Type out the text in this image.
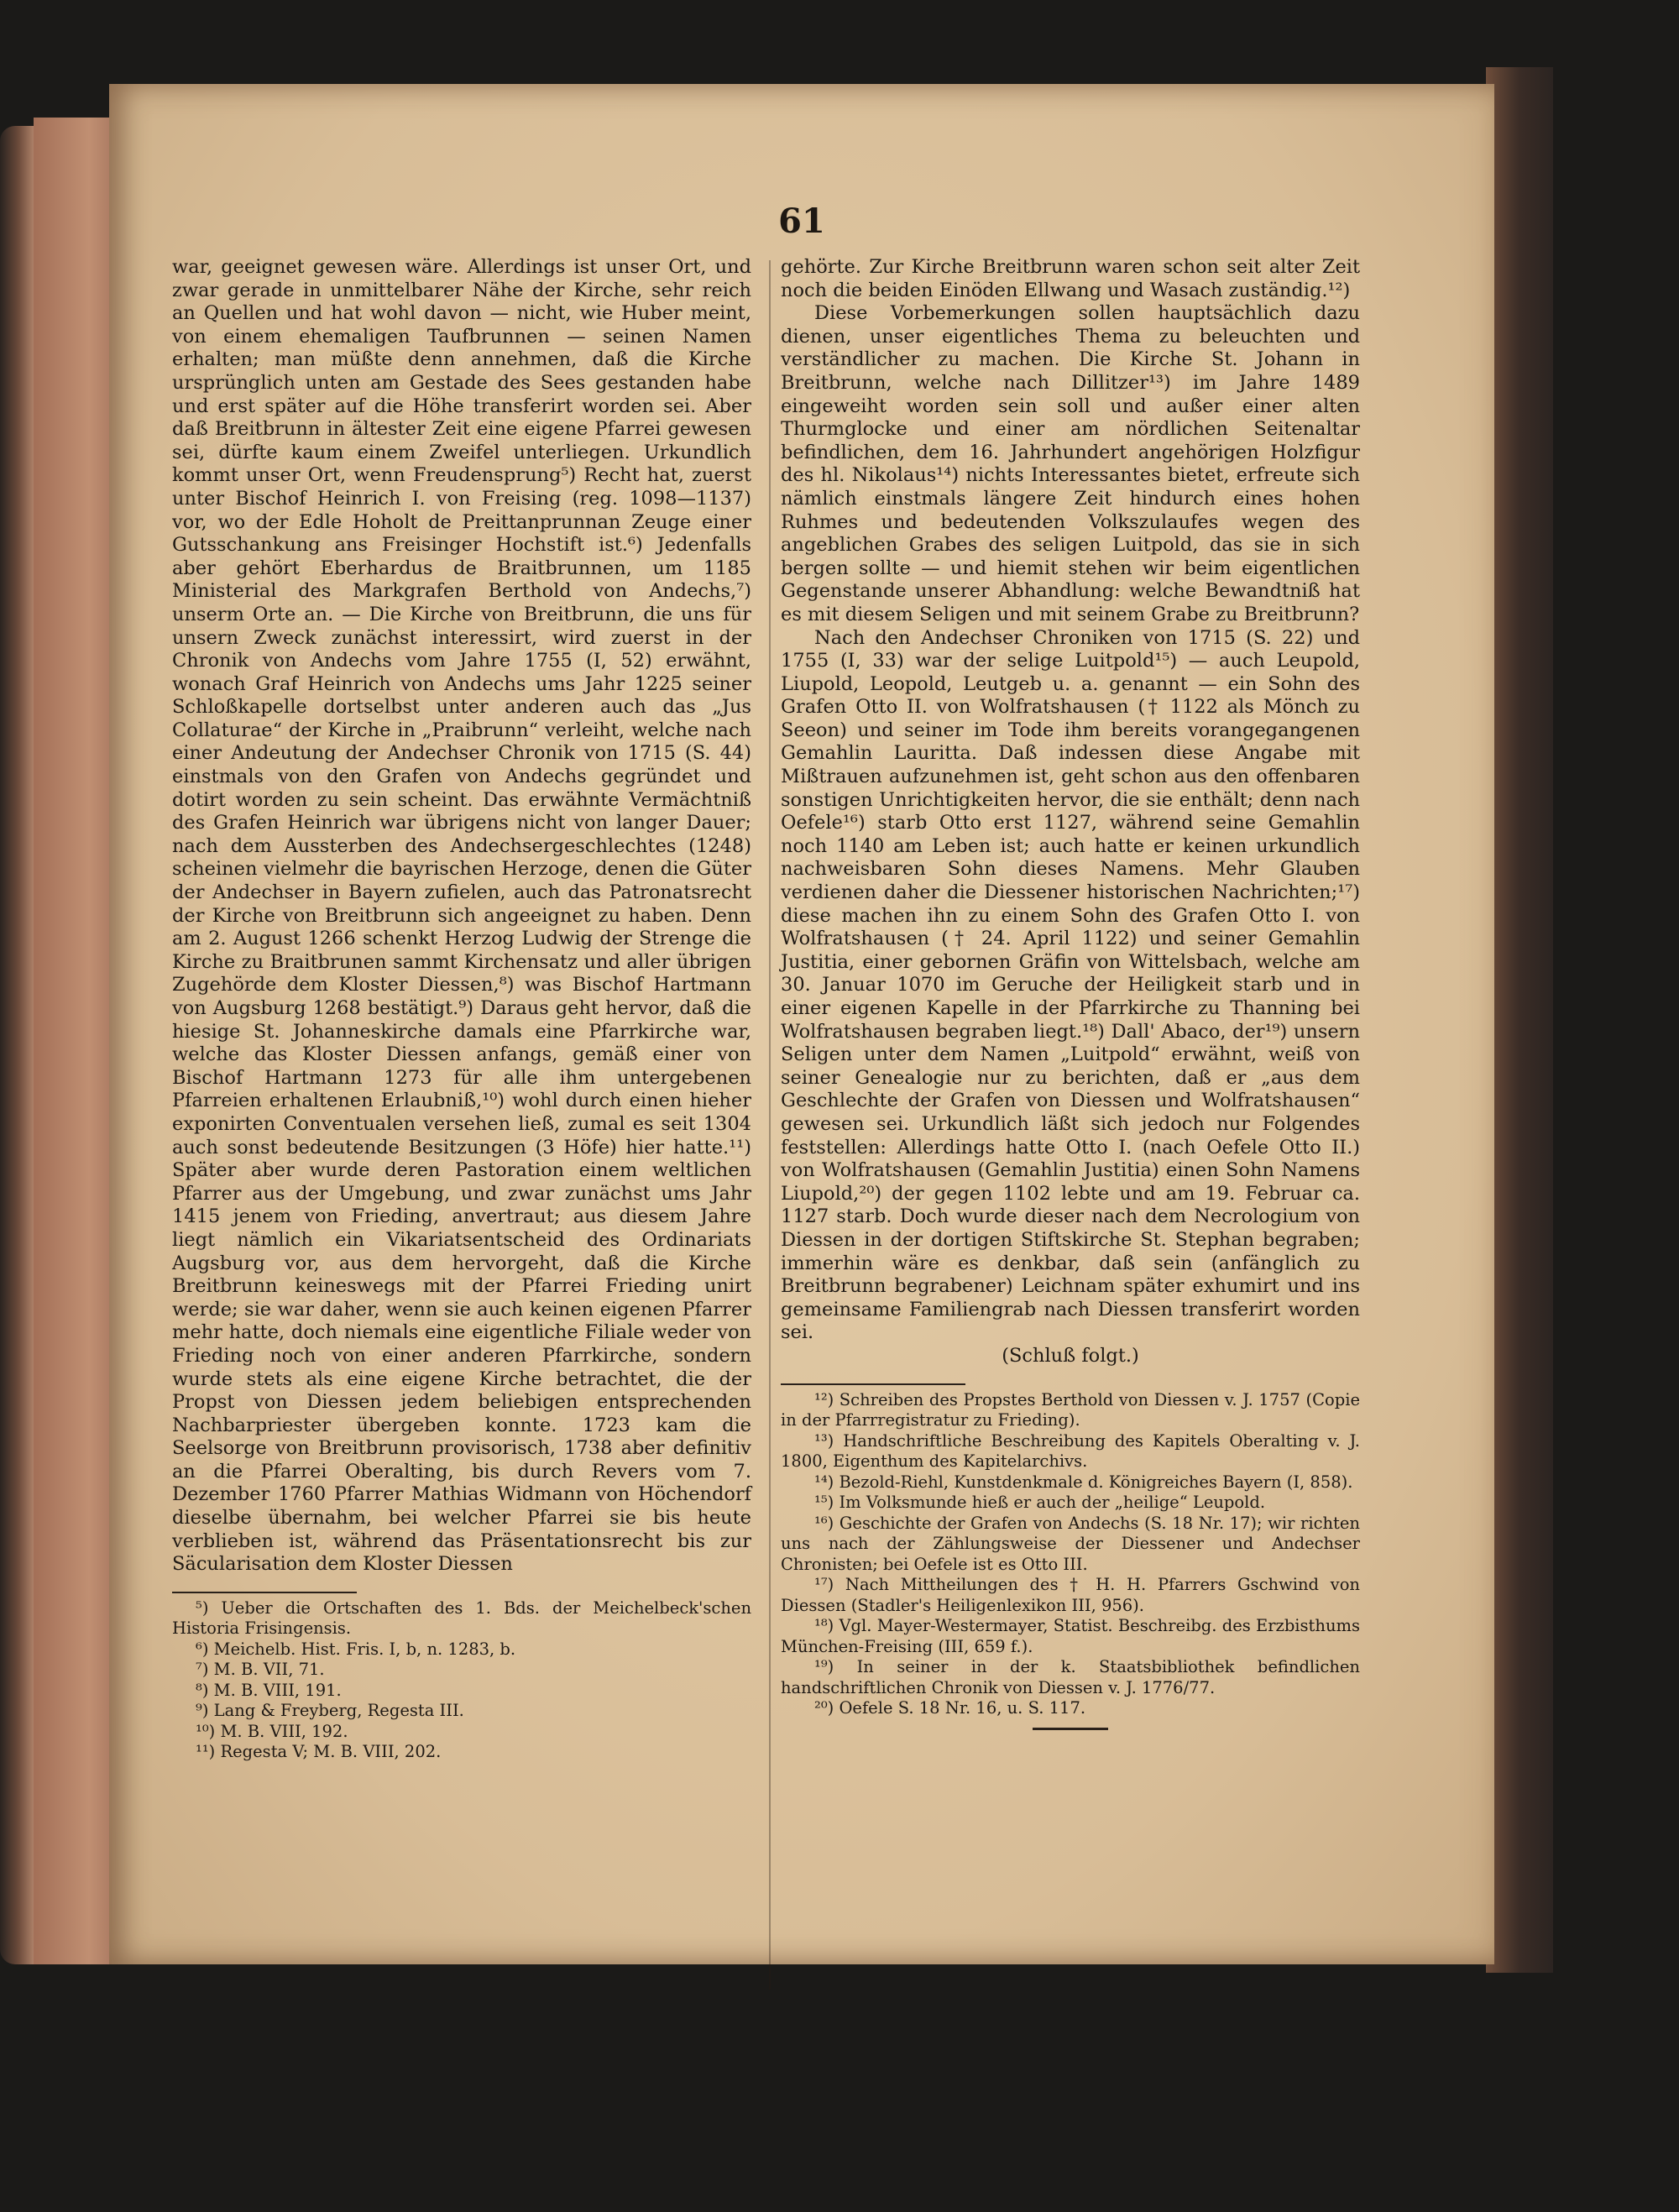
61

war, geeignet gewesen wäre. Allerdings ist unser Ort, und zwar gerade in unmittelbarer Nähe der Kirche, sehr reich an Quellen und hat wohl davon — nicht, wie Huber meint, von einem ehemaligen Taufbrunnen — seinen Namen erhalten; man müßte denn annehmen, daß die Kirche ursprünglich unten am Gestade des Sees gestanden habe und erst später auf die Höhe transferirt worden sei. Aber daß Breitbrunn in ältester Zeit eine eigene Pfarrei gewesen sei, dürfte kaum einem Zweifel unterliegen. Urkundlich kommt unser Ort, wenn Freudensprung⁵) Recht hat, zuerst unter Bischof Heinrich I. von Freising (reg. 1098—1137) vor, wo der Edle Hoholt de Preittanprunnan Zeuge einer Gutsschankung ans Freisinger Hochstift ist.⁶) Jedenfalls aber gehört Eberhardus de Braitbrunnen, um 1185 Ministerial des Markgrafen Berthold von Andechs,⁷) unserm Orte an. — Die Kirche von Breitbrunn, die uns für unsern Zweck zunächst interessirt, wird zuerst in der Chronik von Andechs vom Jahre 1755 (I, 52) erwähnt, wonach Graf Heinrich von Andechs ums Jahr 1225 seiner Schloßkapelle dortselbst unter anderen auch das „Jus Collaturae“ der Kirche in „Praibrunn“ verleiht, welche nach einer Andeutung der Andechser Chronik von 1715 (S. 44) einstmals von den Grafen von Andechs gegründet und dotirt worden zu sein scheint. Das erwähnte Vermächtniß des Grafen Heinrich war übrigens nicht von langer Dauer; nach dem Aussterben des Andechsergeschlechtes (1248) scheinen vielmehr die bayrischen Herzoge, denen die Güter der Andechser in Bayern zufielen, auch das Patronatsrecht der Kirche von Breitbrunn sich angeeignet zu haben. Denn am 2. August 1266 schenkt Herzog Ludwig der Strenge die Kirche zu Braitbrunen sammt Kirchensatz und aller übrigen Zugehörde dem Kloster Diessen,⁸) was Bischof Hartmann von Augsburg 1268 bestätigt.⁹) Daraus geht hervor, daß die hiesige St. Johanneskirche damals eine Pfarrkirche war, welche das Kloster Diessen anfangs, gemäß einer von Bischof Hartmann 1273 für alle ihm untergebenen Pfarreien erhaltenen Erlaubniß,¹⁰) wohl durch einen hieher exponirten Conventualen versehen ließ, zumal es seit 1304 auch sonst bedeutende Besitzungen (3 Höfe) hier hatte.¹¹) Später aber wurde deren Pastoration einem weltlichen Pfarrer aus der Umgebung, und zwar zunächst ums Jahr 1415 jenem von Frieding, anvertraut; aus diesem Jahre liegt nämlich ein Vikariatsentscheid des Ordinariats Augsburg vor, aus dem hervorgeht, daß die Kirche Breitbrunn keineswegs mit der Pfarrei Frieding unirt werde; sie war daher, wenn sie auch keinen eigenen Pfarrer mehr hatte, doch niemals eine eigentliche Filiale weder von Frieding noch von einer anderen Pfarrkirche, sondern wurde stets als eine eigene Kirche betrachtet, die der Propst von Diessen jedem beliebigen entsprechenden Nachbarpriester übergeben konnte. 1723 kam die Seelsorge von Breitbrunn provisorisch, 1738 aber definitiv an die Pfarrei Oberalting, bis durch Revers vom 7. Dezember 1760 Pfarrer Mathias Widmann von Höchendorf dieselbe übernahm, bei welcher Pfarrei sie bis heute verblieben ist, während das Präsentationsrecht bis zur Säcularisation dem Kloster Diessen

⁵) Ueber die Ortschaften des 1. Bds. der Meichelbeck'schen Historia Frisingensis.

⁶) Meichelb. Hist. Fris. I, b, n. 1283, b.

⁷) M. B. VII, 71.

⁸) M. B. VIII, 191.

⁹) Lang & Freyberg, Regesta III.

¹⁰) M. B. VIII, 192.

¹¹) Regesta V; M. B. VIII, 202.

gehörte. Zur Kirche Breitbrunn waren schon seit alter Zeit noch die beiden Einöden Ellwang und Wasach zuständig.¹²)

Diese Vorbemerkungen sollen hauptsächlich dazu dienen, unser eigentliches Thema zu beleuchten und verständlicher zu machen. Die Kirche St. Johann in Breitbrunn, welche nach Dillitzer¹³) im Jahre 1489 eingeweiht worden sein soll und außer einer alten Thurmglocke und einer am nördlichen Seitenaltar befindlichen, dem 16. Jahrhundert angehörigen Holzfigur des hl. Nikolaus¹⁴) nichts Interessantes bietet, erfreute sich nämlich einstmals längere Zeit hindurch eines hohen Ruhmes und bedeutenden Volkszulaufes wegen des angeblichen Grabes des seligen Luitpold, das sie in sich bergen sollte — und hiemit stehen wir beim eigentlichen Gegenstande unserer Abhandlung: welche Bewandtniß hat es mit diesem Seligen und mit seinem Grabe zu Breitbrunn?

Nach den Andechser Chroniken von 1715 (S. 22) und 1755 (I, 33) war der selige Luitpold¹⁵) — auch Leupold, Liupold, Leopold, Leutgeb u. a. genannt — ein Sohn des Grafen Otto II. von Wolfratshausen († 1122 als Mönch zu Seeon) und seiner im Tode ihm bereits vorangegangenen Gemahlin Lauritta. Daß indessen diese Angabe mit Mißtrauen aufzunehmen ist, geht schon aus den offenbaren sonstigen Unrichtigkeiten hervor, die sie enthält; denn nach Oefele¹⁶) starb Otto erst 1127, während seine Gemahlin noch 1140 am Leben ist; auch hatte er keinen urkundlich nachweisbaren Sohn dieses Namens. Mehr Glauben verdienen daher die Diessener historischen Nachrichten;¹⁷) diese machen ihn zu einem Sohn des Grafen Otto I. von Wolfratshausen († 24. April 1122) und seiner Gemahlin Justitia, einer gebornen Gräfin von Wittelsbach, welche am 30. Januar 1070 im Geruche der Heiligkeit starb und in einer eigenen Kapelle in der Pfarrkirche zu Thanning bei Wolfratshausen begraben liegt.¹⁸) Dall' Abaco, der¹⁹) unsern Seligen unter dem Namen „Luitpold“ erwähnt, weiß von seiner Genealogie nur zu berichten, daß er „aus dem Geschlechte der Grafen von Diessen und Wolfratshausen“ gewesen sei. Urkundlich läßt sich jedoch nur Folgendes feststellen: Allerdings hatte Otto I. (nach Oefele Otto II.) von Wolfratshausen (Gemahlin Justitia) einen Sohn Namens Liupold,²⁰) der gegen 1102 lebte und am 19. Februar ca. 1127 starb. Doch wurde dieser nach dem Necrologium von Diessen in der dortigen Stiftskirche St. Stephan begraben; immerhin wäre es denkbar, daß sein (anfänglich zu Breitbrunn begrabener) Leichnam später exhumirt und ins gemeinsame Familiengrab nach Diessen transferirt worden sei.

(Schluß folgt.)

¹²) Schreiben des Propstes Berthold von Diessen v. J. 1757 (Copie in der Pfarrregistratur zu Frieding).

¹³) Handschriftliche Beschreibung des Kapitels Oberalting v. J. 1800, Eigenthum des Kapitelarchivs.

¹⁴) Bezold-Riehl, Kunstdenkmale d. Königreiches Bayern (I, 858).

¹⁵) Im Volksmunde hieß er auch der „heilige“ Leupold.

¹⁶) Geschichte der Grafen von Andechs (S. 18 Nr. 17); wir richten uns nach der Zählungsweise der Diessener und Andechser Chronisten; bei Oefele ist es Otto III.

¹⁷) Nach Mittheilungen des † H. H. Pfarrers Gschwind von Diessen (Stadler's Heiligenlexikon III, 956).

¹⁸) Vgl. Mayer-Westermayer, Statist. Beschreibg. des Erzbisthums München-Freising (III, 659 f.).

¹⁹) In seiner in der k. Staatsbibliothek befindlichen handschriftlichen Chronik von Diessen v. J. 1776/77.

²⁰) Oefele S. 18 Nr. 16, u. S. 117.
